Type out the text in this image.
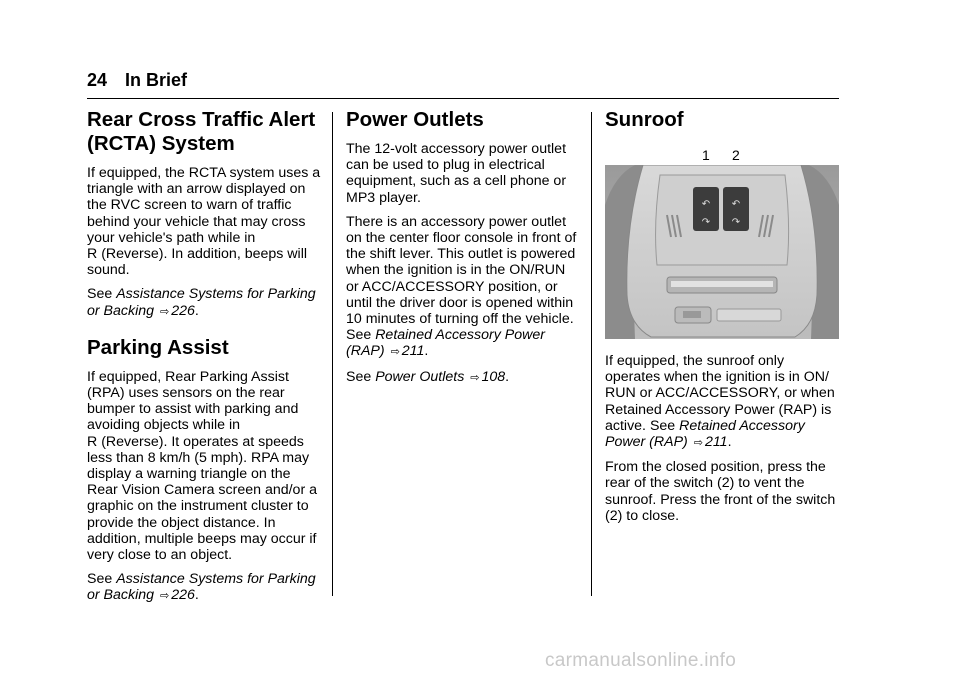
24 In Brief
Rear Cross Traffic Alert (RCTA) System

If equipped, the RCTA system uses a triangle with an arrow displayed on the RVC screen to warn of traffic behind your vehicle that may cross your vehicle's path while in R (Reverse). In addition, beeps will sound.

See Assistance Systems for Parking or Backing ⇨ 226.

Parking Assist

If equipped, Rear Parking Assist (RPA) uses sensors on the rear bumper to assist with parking and avoiding objects while in R (Reverse). It operates at speeds less than 8 km/h (5 mph). RPA may display a warning triangle on the Rear Vision Camera screen and/or a graphic on the instrument cluster to provide the object distance. In addition, multiple beeps may occur if very close to an object.

See Assistance Systems for Parking or Backing ⇨ 226.

Power Outlets

The 12-volt accessory power outlet can be used to plug in electrical equipment, such as a cell phone or MP3 player.

There is an accessory power outlet on the center floor console in front of the shift lever. This outlet is powered when the ignition is in the ON/RUN or ACC/ACCESSORY position, or until the driver door is opened within 10 minutes of turning off the vehicle. See Retained Accessory Power (RAP) ⇨ 211.

See Power Outlets ⇨ 108.

Sunroof
1 2
↶
↷
↶
↷

If equipped, the sunroof only operates when the ignition is in ON/ RUN or ACC/ACCESSORY, or when Retained Accessory Power (RAP) is active. See Retained Accessory Power (RAP) ⇨ 211.

From the closed position, press the rear of the switch (2) to vent the sunroof. Press the front of the switch (2) to close.

carmanualsonline.info
